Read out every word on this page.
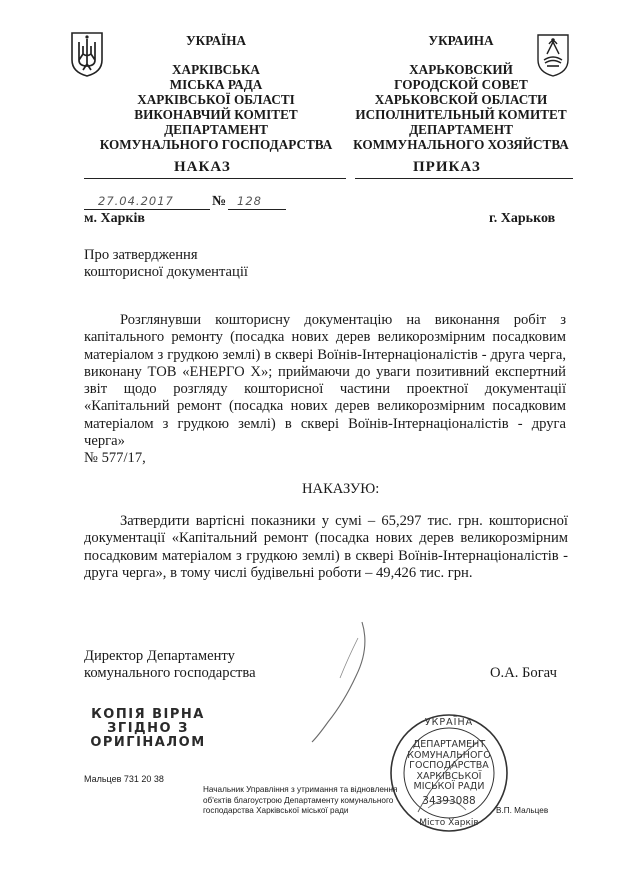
УКРАЇНА
ХАРКІВСЬКА
МІСЬКА РАДА
ХАРКІВСЬКОЇ ОБЛАСТІ
ВИКОНАВЧИЙ КОМІТЕТ
ДЕПАРТАМЕНТ
КОМУНАЛЬНОГО ГОСПОДАРСТВА
НАКАЗ
УКРАИНА
ХАРЬКОВСКИЙ
ГОРОДСКОЙ СОВЕТ
ХАРЬКОВСКОЙ ОБЛАСТИ
ИСПОЛНИТЕЛЬНЫЙ КОМИТЕТ
ДЕПАРТАМЕНТ
КОММУНАЛЬНОГО ХОЗЯЙСТВА
ПРИКАЗ
27.04.2017	№ 128
м. Харків	г. Харьков
Про затвердження
кошторисної документації
Розглянувши кошторисну документацію на виконання робіт з
капітального ремонту (посадка нових дерев великорозмірним посадковим
матеріалом з грудкою землі) в сквері Воїнів-Інтернаціоналістів - друга черга,
виконану ТОВ «ЕНЕРГО Х»; приймаючи до уваги позитивний експертний
звіт щодо розгляду кошторисної частини проектної документації
«Капітальний ремонт (посадка нових дерев великорозмірним посадковим
матеріалом з грудкою землі) в сквері Воїнів-Інтернаціоналістів - друга черга»
№ 577/17,
НАКАЗУЮ:
Затвердити вартісні показники у сумі – 65,297 тис. грн. кошторисної
документації «Капітальний ремонт (посадка нових дерев великорозмірним
посадковим матеріалом з грудкою землі) в сквері Воїнів-Інтернаціоналістів -
друга черга», в тому числі будівельні роботи – 49,426 тис. грн.
Директор Департаменту
комунального господарства	О.А. Богач
КОПІЯ ВІРНА
ЗГІДНО З
ОРИГІНАЛОМ
Мальцев 731 20 38
Начальник Управління з утримання та відновлення
об'єктів благоустрою Департаменту комунального
господарства Харківської міської ради	В.П. Мальцев
УКРАЇНА
ДЕПАРТАМЕНТ
КОМУНАЛЬНОГО
ГОСПОДАРСТВА
ХАРКІВСЬКОЇ
МІСЬКОЇ РАДИ
34393088
Місто Харків
